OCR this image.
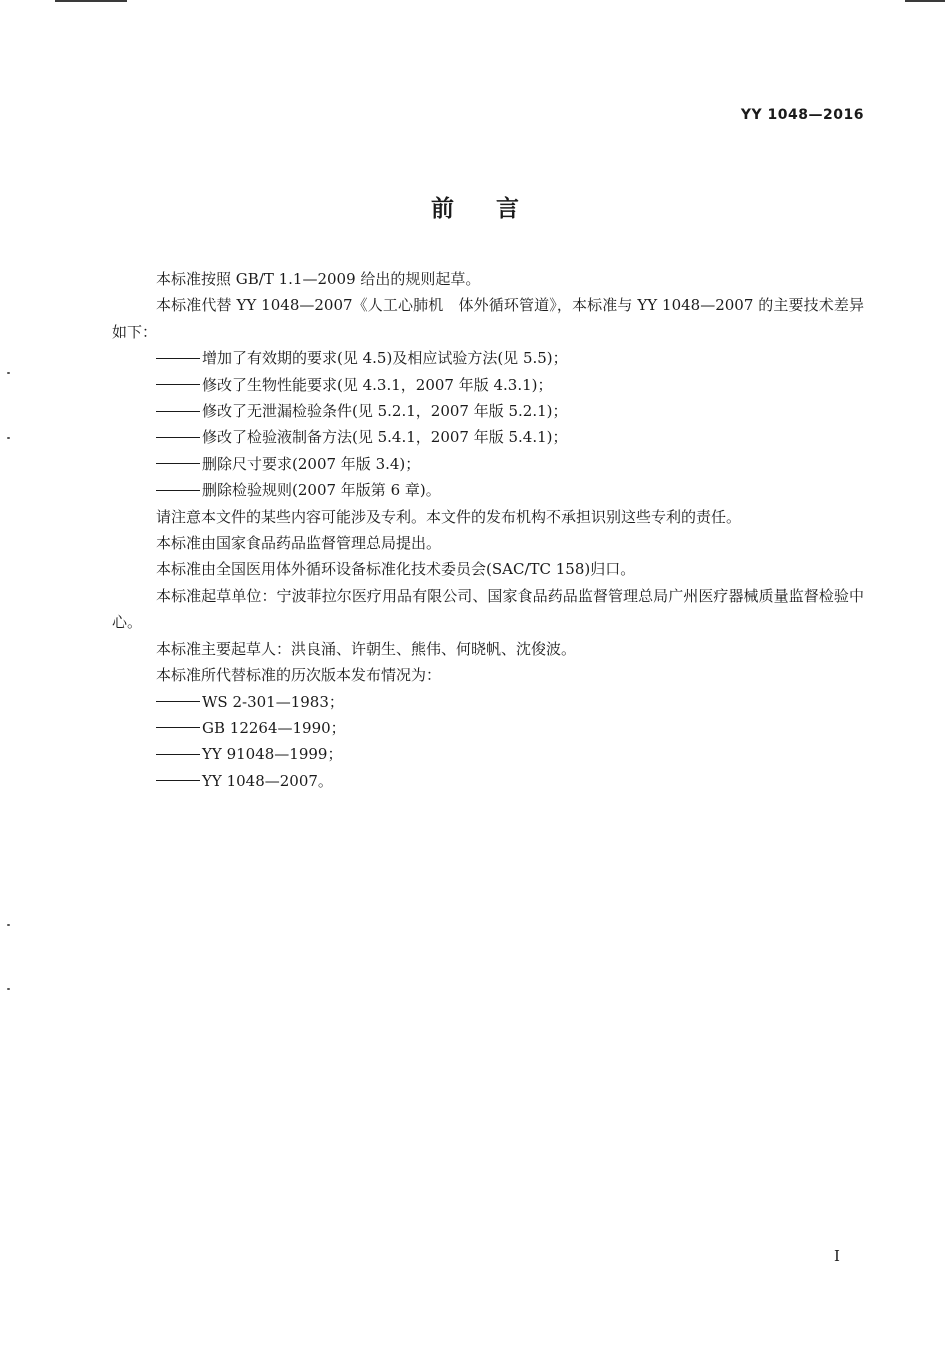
YY 1048—2016
前言

本标准按照 GB/T 1.1—2009 给出的规则起草。

本标准代替 YY 1048—2007《人工心肺机　体外循环管道》，本标准与 YY 1048—2007 的主要技术差异如下：

增加了有效期的要求(见 4.5)及相应试验方法(见 5.5)；

修改了生物性能要求(见 4.3.1，2007 年版 4.3.1)；

修改了无泄漏检验条件(见 5.2.1，2007 年版 5.2.1)；

修改了检验液制备方法(见 5.4.1，2007 年版 5.4.1)；

删除尺寸要求(2007 年版 3.4)；

删除检验规则(2007 年版第 6 章)。

请注意本文件的某些内容可能涉及专利。本文件的发布机构不承担识别这些专利的责任。

本标准由国家食品药品监督管理总局提出。

本标准由全国医用体外循环设备标准化技术委员会(SAC/TC 158)归口。

本标准起草单位：宁波菲拉尔医疗用品有限公司、国家食品药品监督管理总局广州医疗器械质量监督检验中心。

本标准主要起草人：洪良涌、许朝生、熊伟、何晓帆、沈俊波。

本标准所代替标准的历次版本发布情况为：

WS 2-301—1983；

GB 12264—1990；

YY 91048—1999；

YY 1048—2007。

I
